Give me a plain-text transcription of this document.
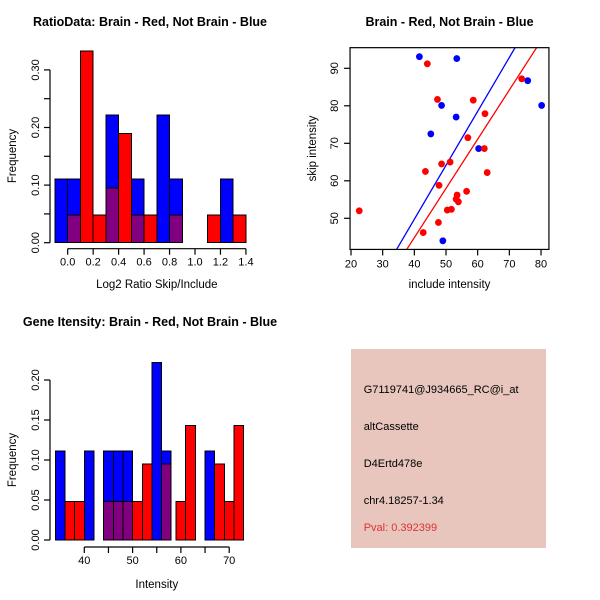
RatioData: Brain - Red, Not Brain - Blue
Log2 Ratio Skip/Include
Frequency
0.0 0.2 0.4 0.6 0.8 1.0 1.2 1.4
0.00
0.10
0.20
0.30
Brain - Red, Not Brain - Blue
include intensity
skip intensity
20 30 40 50 60 70 80
50
60
70
80
90
Gene Itensity: Brain - Red, Not Brain - Blue
Intensity
Frequency
40	50	60	70
0.00
0.05
0.10
0.15
0.20	G7119741@J934665_RC@i_at
altCassette
D4Ertd478e
chr4.18257-1.34
Pval: 0.392399
